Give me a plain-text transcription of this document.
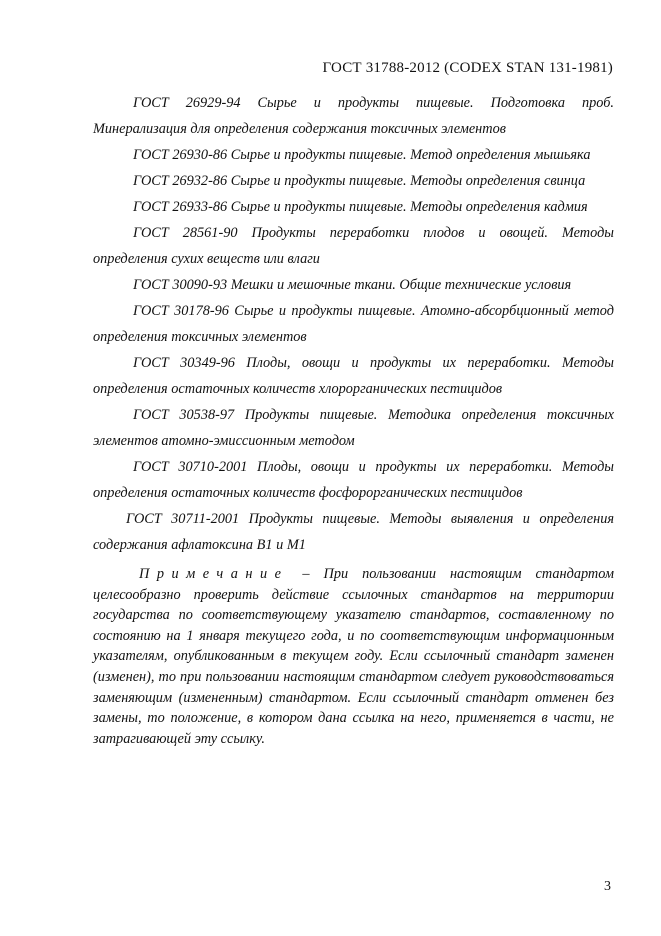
ГОСТ 31788-2012 (CODEX STAN 131-1981)

ГОСТ 26929-94 Сырье и продукты пищевые. Подготовка проб. Минерализация для определения содержания токсичных элементов

ГОСТ 26930-86 Сырье и продукты пищевые. Метод определения мышьяка

ГОСТ 26932-86 Сырье и продукты пищевые. Методы определения свинца

ГОСТ 26933-86 Сырье и продукты пищевые. Методы определения кадмия

ГОСТ 28561-90 Продукты переработки плодов и овощей. Методы определения сухих веществ или влаги

ГОСТ 30090-93 Мешки и мешочные ткани. Общие технические условия

ГОСТ 30178-96 Сырье и продукты пищевые. Атомно-абсорбционный метод определения токсичных элементов

ГОСТ 30349-96 Плоды, овощи и продукты их переработки. Методы определения остаточных количеств хлорорганических пестицидов

ГОСТ 30538-97 Продукты пищевые. Методика определения токсичных элементов атомно-эмиссионным методом

ГОСТ 30710-2001 Плоды, овощи и продукты их переработки. Методы определения остаточных количеств фосфорорганических пестицидов

ГОСТ 30711-2001 Продукты пищевые. Методы выявления и определения содержания афлатоксина В1 и М1

Примечание – При пользовании настоящим стандартом целесообразно проверить действие ссылочных стандартов на территории государства по соответствующему указателю стандартов, составленному по состоянию на 1 января текущего года, и по соответствующим информационным указателям, опубликованным в текущем году. Если ссылочный стандарт заменен (изменен), то при пользовании настоящим стандартом следует руководствоваться заменяющим (измененным) стандартом. Если ссылочный стандарт отменен без замены, то положение, в котором дана ссылка на него, применяется в части, не затрагивающей эту ссылку.

3
